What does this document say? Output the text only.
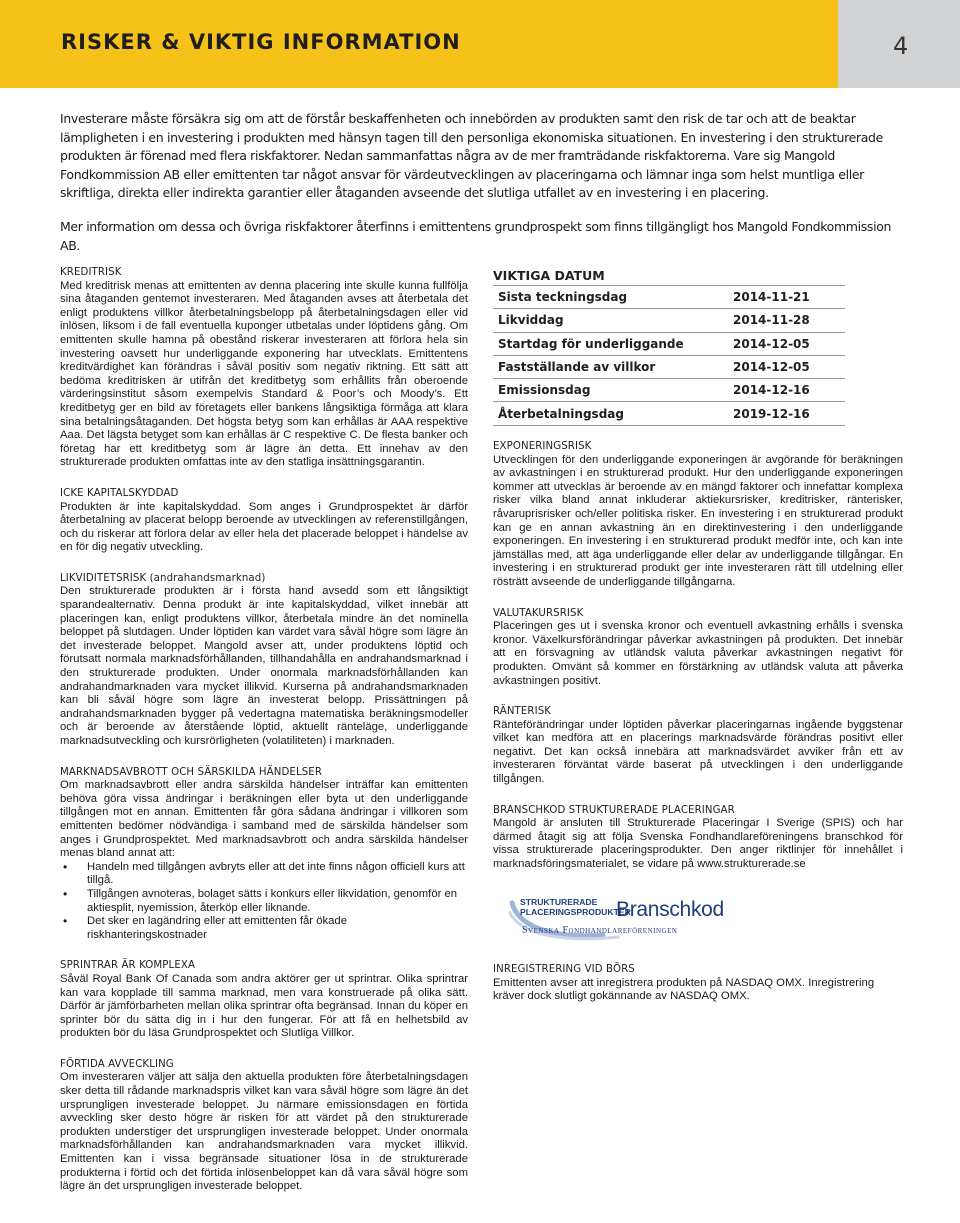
RISKER & VIKTIG INFORMATION	4

Investerare måste försäkra sig om att de förstår beskaffenheten och innebörden av produkten samt den risk de tar och att de beaktar lämpligheten i en investering i produkten med hänsyn tagen till den personliga ekonomiska situationen. En investering i den strukturerade produkten är förenad med flera riskfaktorer. Nedan sammanfattas några av de mer framträdande riskfaktorerna. Vare sig Mangold Fondkommission AB eller emittenten tar något ansvar för värdeutvecklingen av placeringarna och lämnar inga som helst muntliga eller skriftliga, direkta eller indirekta garantier eller åtaganden avseende det slutliga utfallet av en investering i en placering.

Mer information om dessa och övriga riskfaktorer återfinns i emittentens grundprospekt som finns tillgängligt hos Mangold Fondkommission AB.

KREDITRISK
Med kreditrisk menas att emittenten av denna placering inte skulle kunna fullfölja sina åtaganden gentemot investeraren. Med åtaganden avses att återbetala det enligt produktens villkor återbetalningsbelopp på återbetalningsdagen eller vid inlösen, liksom i de fall eventuella kuponger utbetalas under löptidens gång. Om emittenten skulle hamna på obestånd riskerar investeraren att förlora hela sin investering oavsett hur underliggande exponering har utvecklats. Emittentens kreditvärdighet kan förändras i såväl positiv som negativ riktning. Ett sätt att bedöma kreditrisken är utifrån det kreditbetyg som erhållits från oberoende värderingsinstitut såsom exempelvis Standard & Poor’s och Moody’s. Ett kreditbetyg ger en bild av företagets eller bankens långsiktiga förmåga att klara sina betalningsåtaganden. Det högsta betyg som kan erhållas är AAA respektive Aaa. Det lägsta betyget som kan erhållas är C respektive C. De flesta banker och företag har ett kreditbetyg som är lägre än detta. Ett innehav av den strukturerade produkten omfattas inte av den statliga insättningsgarantin.
ICKE KAPITALSKYDDAD
Produkten är inte kapitalskyddad. Som anges i Grundprospektet är därför återbetalning av placerat belopp beroende av utvecklingen av referenstillgången, och du riskerar att förlora delar av eller hela det placerade beloppet i händelse av en för dig negativ utveckling.
LIKVIDITETSRISK (andrahandsmarknad)
Den strukturerade produkten är i första hand avsedd som ett långsiktigt sparandealternativ. Denna produkt är inte kapitalskyddad, vilket innebär att placeringen kan, enligt produktens villkor, återbetala mindre än det nominella beloppet på slutdagen. Under löptiden kan värdet vara såväl högre som lägre än det investerade beloppet. Mangold avser att, under produktens löptid och förutsatt normala marknadsförhållanden, tillhandahålla en andrahandsmarknad i den strukturerade produkten. Under onormala marknadsförhållanden kan andrahandmarknaden vara mycket illikvid. Kurserna på andrahandsmarknaden kan bli såväl högre som lägre än investerat belopp. Prissättningen på andrahandsmarknaden bygger på vedertagna matematiska beräkningsmodeller och är beroende av återstående löptid, aktuellt ränteläge, underliggande marknadsutveckling och kursrörligheten (volatiliteten) i marknaden.
MARKNADSAVBROTT OCH SÄRSKILDA HÄNDELSER
Om marknadsavbrott eller andra särskilda händelser inträffar kan emittenten behöva göra vissa ändringar i beräkningen eller byta ut den underliggande tillgången mot en annan. Emittenten får göra sådana ändringar i villkoren som emittenten bedömer nödvändiga i samband med de särskilda händelser som anges i Grundprospektet. Med marknadsavbrott och andra särskilda händelser menas bland annat att:
• Handeln med tillgången avbryts eller att det inte finns någon officiell kurs att tillgå.
• Tillgången avnoteras, bolaget sätts i konkurs eller likvidation, genomför en aktiesplit, nyemission, återköp eller liknande.
• Det sker en lagändring eller att emittenten får ökade riskhanteringskostnader
SPRINTRAR ÄR KOMPLEXA
Såväl Royal Bank Of Canada som andra aktörer ger ut sprintrar. Olika sprintrar kan vara kopplade till samma marknad, men vara konstruerade på olika sätt. Därför är jämförbarheten mellan olika sprintrar ofta begränsad. Innan du köper en sprinter bör du sätta dig in i hur den fungerar. För att få en helhetsbild av produkten bör du läsa Grundprospektet och Slutliga Villkor.
FÖRTIDA AVVECKLING
Om investeraren väljer att sälja den aktuella produkten före återbetalningsdagen sker detta till rådande marknadspris vilket kan vara såväl högre som lägre än det ursprungligen investerade beloppet. Ju närmare emissionsdagen en förtida avveckling sker desto högre är risken för att värdet på den strukturerade produkten understiger det ursprungligen investerade beloppet. Under onormala marknadsförhållanden kan andrahandsmarknaden vara mycket illikvid. Emittenten kan i vissa begränsade situationer lösa in de strukturerade produkterna i förtid och det förtida inlösenbeloppet kan då vara såväl högre som lägre än det ursprungligen investerade beloppet.
VIKTIGA DATUM
Sista teckningsdag	2014-11-21
Likviddag	2014-11-28
Startdag för underliggande	2014-12-05
Fastställande av villkor	2014-12-05
Emissionsdag	2014-12-16
Återbetalningsdag	2019-12-16
EXPONERINGSRISK
Utvecklingen för den underliggande exponeringen är avgörande för beräkningen av avkastningen i en strukturerad produkt. Hur den underliggande exponeringen kommer att utvecklas är beroende av en mängd faktorer och innefattar komplexa risker vilka bland annat inkluderar aktiekursrisker, kreditrisker, ränterisker, råvaruprisrisker och/eller politiska risker. En investering i en strukturerad produkt kan ge en annan avkastning än en direktinvestering i den underliggande exponeringen. En investering i en strukturerad produkt medför inte, och kan inte jämställas med, att äga underliggande eller delar av underliggande tillgångar. En investering i en strukturerad produkt ger inte investeraren rätt till utdelning eller rösträtt avseende de underliggande tillgångarna.
VALUTAKURSRISK
Placeringen ges ut i svenska kronor och eventuell avkastning erhålls i svenska kronor. Växelkursförändringar påverkar avkastningen på produkten. Det innebär att en försvagning av utländsk valuta påverkar avkastningen negativt för produkten. Omvänt så kommer en förstärkning av utländsk valuta att påverka avkastningen positivt.
RÄNTERISK
Ränteförändringar under löptiden påverkar placeringarnas ingående byggstenar vilket kan medföra att en placerings marknadsvärde förändras positivt eller negativt. Det kan också innebära att marknadsvärdet avviker från ett av investeraren förväntat värde baserat på utvecklingen i den underliggande tillgången.
BRANSCHKOD STRUKTURERADE PLACERINGAR
Mangold är ansluten till Strukturerade Placeringar I Sverige (SPIS) och har därmed åtagit sig att följa Svenska Fondhandlareföreningens branschkod för vissa strukturerade placeringsprodukter. Den anger riktlinjer för innehållet i marknadsföringsmaterialet, se vidare på www.strukturerade.se
STRUKTURERADE
PLACERINGSPRODUKTER
Branschkod
Svenska Fondhandlareföreningen
INREGISTRERING VID BÖRS
Emittenten avser att inregistrera produkten på NASDAQ OMX. Inregistrering kräver dock slutligt gokännande av NASDAQ OMX.
